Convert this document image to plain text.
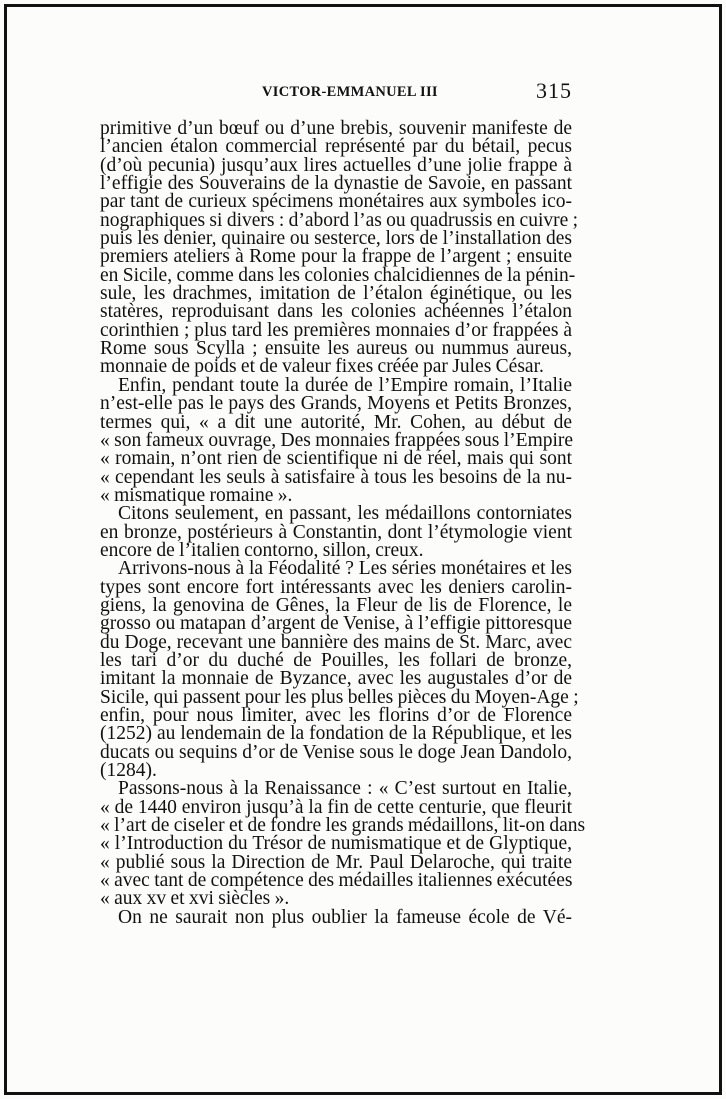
VICTOR-EMMANUEL III	315
primitive d’un bœuf ou d’une brebis, souvenir manifeste de
l’ancien étalon commercial représenté par du bétail, pecus
(d’où pecunia) jusqu’aux lires actuelles d’une jolie frappe à
l’effigie des Souverains de la dynastie de Savoie, en passant
par tant de curieux spécimens monétaires aux symboles ico-
nographiques si divers : d’abord l’as ou quadrussis en cuivre ;
puis les denier, quinaire ou sesterce, lors de l’installation des
premiers ateliers à Rome pour la frappe de l’argent ; ensuite
en Sicile, comme dans les colonies chalcidiennes de la pénin-
sule, les drachmes, imitation de l’étalon éginétique, ou les
statères, reproduisant dans les colonies achéennes l’étalon
corinthien ; plus tard les premières monnaies d’or frappées à
Rome sous Scylla ; ensuite les aureus ou nummus aureus,
monnaie de poids et de valeur fixes créée par Jules César.
Enfin, pendant toute la durée de l’Empire romain, l’Italie
n’est-elle pas le pays des Grands, Moyens et Petits Bronzes,
termes qui, « a dit une autorité, Mr. Cohen, au début de
« son fameux ouvrage, Des monnaies frappées sous l’Empire
« romain, n’ont rien de scientifique ni de réel, mais qui sont
« cependant les seuls à satisfaire à tous les besoins de la nu-
« mismatique romaine ».
Citons seulement, en passant, les médaillons contorniates
en bronze, postérieurs à Constantin, dont l’étymologie vient
encore de l’italien contorno, sillon, creux.
Arrivons-nous à la Féodalité ? Les séries monétaires et les
types sont encore fort intéressants avec les deniers carolin-
giens, la genovina de Gênes, la Fleur de lis de Florence, le
grosso ou matapan d’argent de Venise, à l’effigie pittoresque
du Doge, recevant une bannière des mains de St. Marc, avec
les tari d’or du duché de Pouilles, les follari de bronze,
imitant la monnaie de Byzance, avec les augustales d’or de
Sicile, qui passent pour les plus belles pièces du Moyen-Age ;
enfin, pour nous limiter, avec les florins d’or de Florence
(1252) au lendemain de la fondation de la République, et les
ducats ou sequins d’or de Venise sous le doge Jean Dandolo,
(1284).
Passons-nous à la Renaissance : « C’est surtout en Italie,
« de 1440 environ jusqu’à la fin de cette centurie, que fleurit
« l’art de ciseler et de fondre les grands médaillons, lit-on dans
« l’Introduction du Trésor de numismatique et de Glyptique,
« publié sous la Direction de Mr. Paul Delaroche, qui traite
« avec tant de compétence des médailles italiennes exécutées
« aux xv et xvi siècles ».
On ne saurait non plus oublier la fameuse école de Vé-
